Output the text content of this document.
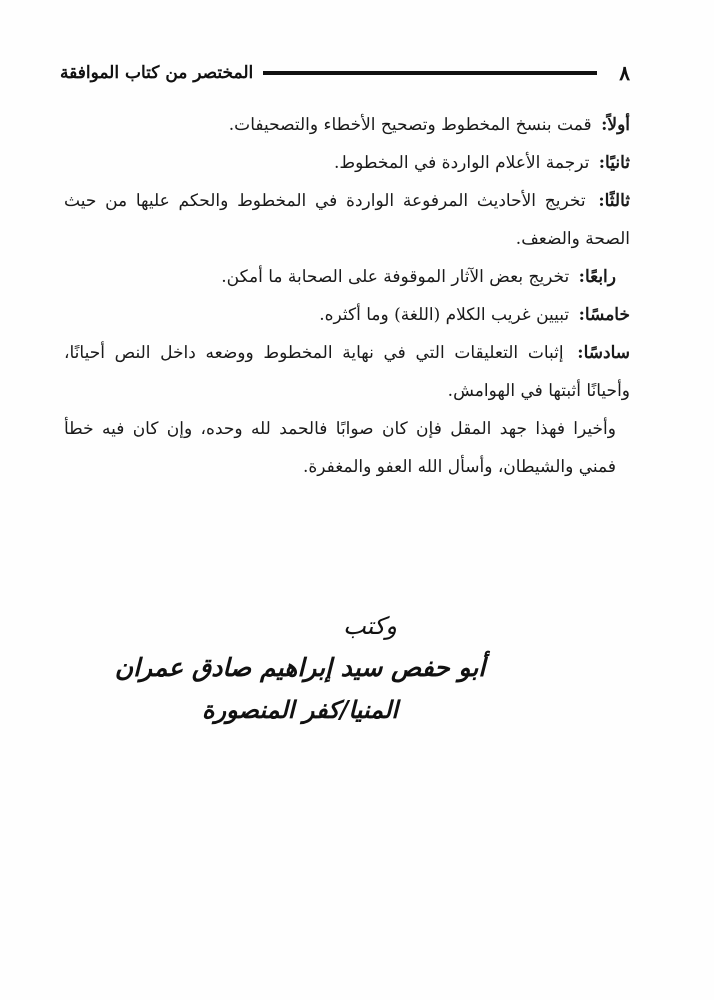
٨
المختصر من كتاب الموافقة

أولاً: قمت بنسخ المخطوط وتصحيح الأخطاء والتصحيفات.

ثانيًا: ترجمة الأعلام الواردة في المخطوط.

ثالثًا: تخريج الأحاديث المرفوعة الواردة في المخطوط والحكم عليها من حيث الصحة والضعف.

رابعًا: تخريج بعض الآثار الموقوفة على الصحابة ما أمكن.

خامسًا: تبيين غريب الكلام (اللغة) وما أكثره.

سادسًا: إثبات التعليقات التي في نهاية المخطوط ووضعه داخل النص أحيانًا، وأحيانًا أثبتها في الهوامش.

وأخيرا فهذا جهد المقل فإن كان صوابًا فالحمد لله وحده، وإن كان فيه خطأ فمني والشيطان، وأسأل الله العفو والمغفرة.

وكتب

أبو حفص سيد إبراهيم صادق عمران

المنيا/كفر المنصورة
